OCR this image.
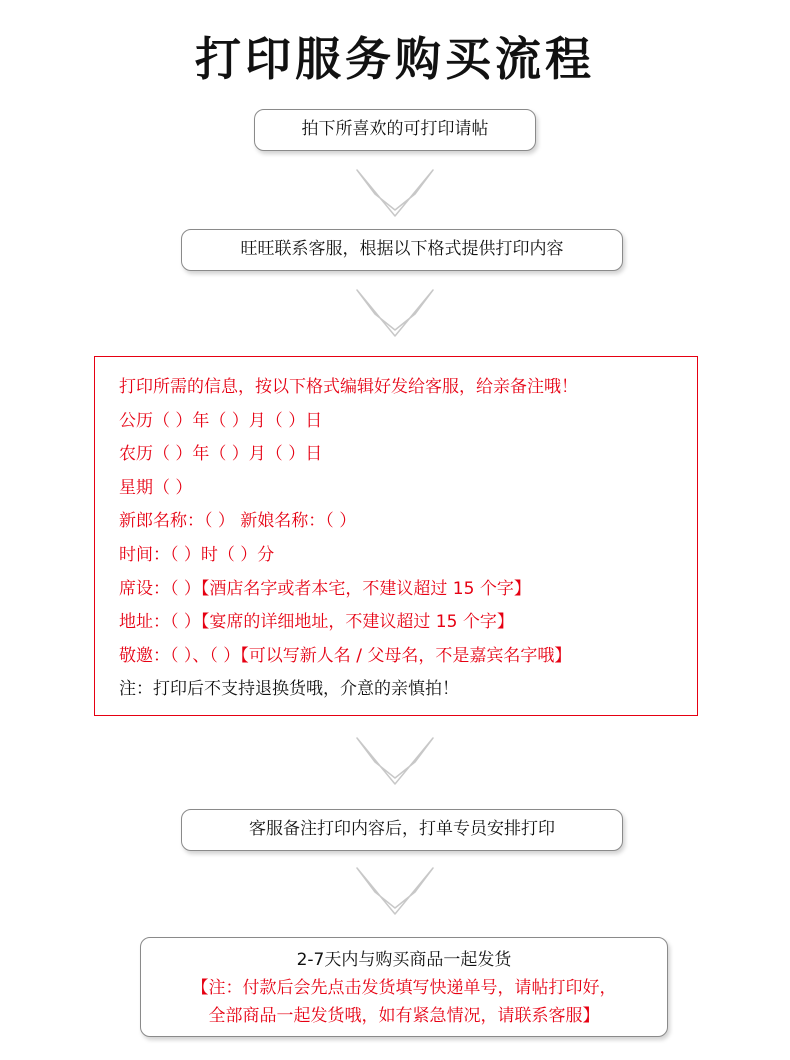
打印服务购买流程
拍下所喜欢的可打印请帖
旺旺联系客服，根据以下格式提供打印内容
打印所需的信息，按以下格式编辑好发给客服，给亲备注哦！
公历（ ）年（ ）月（ ）日
农历（ ）年（ ）月（ ）日
星期（ ）
新郎名称：（ ） 新娘名称：（ ）
时间：（ ）时（ ）分
席设：（ ）【酒店名字或者本宅，不建议超过 15 个字】
地址：（ ）【宴席的详细地址，不建议超过 15 个字】
敬邀：（ ）、（ ）【可以写新人名 / 父母名，不是嘉宾名字哦】
注：打印后不支持退换货哦，介意的亲慎拍！
客服备注打印内容后，打单专员安排打印
2-7天内与购买商品一起发货
【注：付款后会先点击发货填写快递单号，请帖打印好，
全部商品一起发货哦，如有紧急情况，请联系客服】
